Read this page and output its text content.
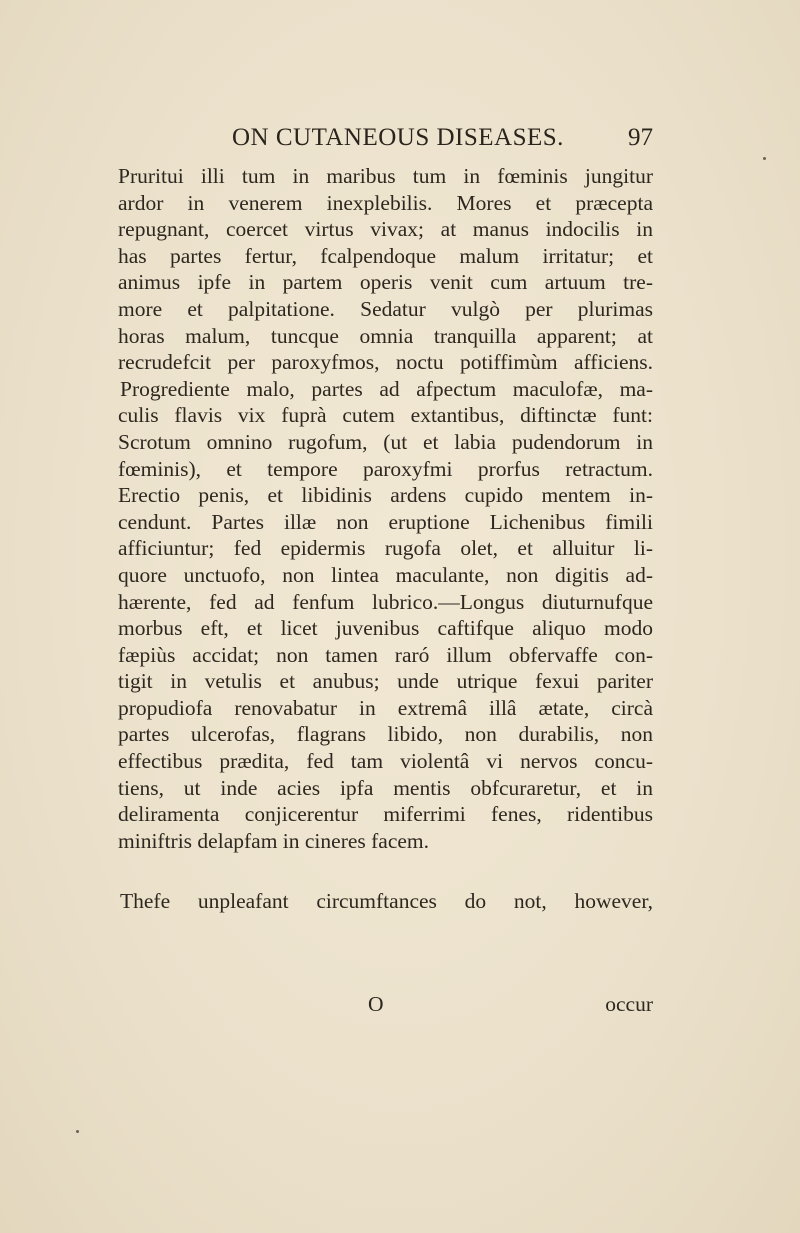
ON CUTANEOUS DISEASES.	97
Pruritui illi tum in maribus tum in fœminis jungitur
ardor in venerem inexplebilis. Mores et præcepta
repugnant, coercet virtus vivax; at manus indocilis in
has partes fertur, fcalpendoque malum irritatur; et
animus ipfe in partem operis venit cum artuum tre-
more et palpitatione. Sedatur vulgò per plurimas
horas malum, tuncque omnia tranquilla apparent; at
recrudefcit per paroxyfmos, noctu potiffimùm afficiens.
Progrediente malo, partes ad afpectum maculofæ, ma-
culis flavis vix fuprà cutem extantibus, diftinctæ funt:
Scrotum omnino rugofum, (ut et labia pudendorum in
fœminis), et tempore paroxyfmi prorfus retractum.
Erectio penis, et libidinis ardens cupido mentem in-
cendunt. Partes illæ non eruptione Lichenibus fimili
afficiuntur; fed epidermis rugofa olet, et alluitur li-
quore unctuofo, non lintea maculante, non digitis ad-
hærente, fed ad fenfum lubrico.—Longus diuturnufque
morbus eft, et licet juvenibus caftifque aliquo modo
fæpiùs accidat; non tamen raró illum obfervaffe con-
tigit in vetulis et anubus; unde utrique fexui pariter
propudiofa renovabatur in extremâ illâ ætate, circà
partes ulcerofas, flagrans libido, non durabilis, non
effectibus prædita, fed tam violentâ vi nervos concu-
tiens, ut inde acies ipfa mentis obfcuraretur, et in
deliramenta conjicerentur miferrimi fenes, ridentibus
miniftris delapfam in cineres facem.
Thefe unpleafant circumftances do not, however,
O	occur
